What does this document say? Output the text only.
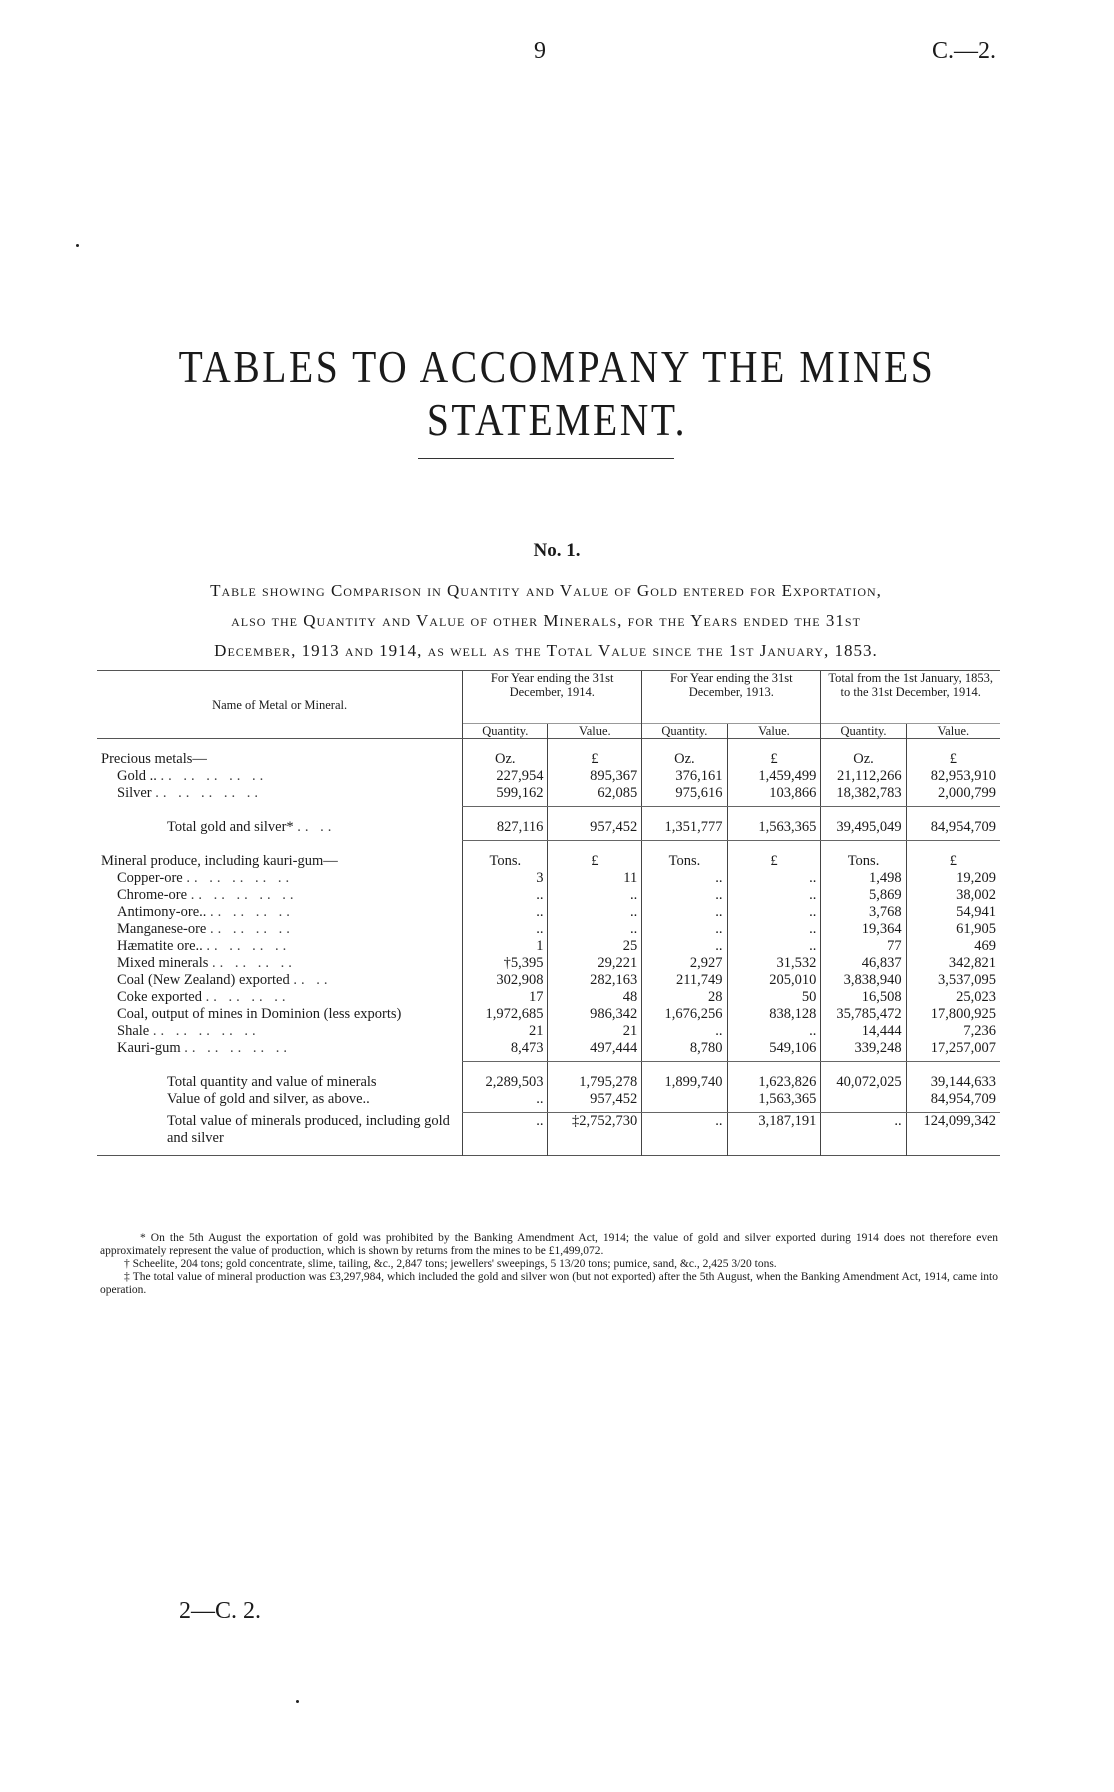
9	C.—2.
TABLES TO ACCOMPANY THE MINES STATEMENT.
No. 1.
Table showing Comparison in Quantity and Value of Gold entered for Exportation,
also the Quantity and Value of other Minerals, for the Years ended the 31st
December, 1913 and 1914, as well as the Total Value since the 1st January, 1853.
Name of Metal or Mineral.	For Year ending the 31st December, 1914.		For Year ending the 31st December, 1913.		Total from the 1st January, 1853, to the 31st December, 1914.	
	Quantity.	Value.	Quantity.	Value.	Quantity.	Value.

Precious metals—	Oz.	£	Oz.	£	Oz.	£
Gold .. .. .. .. .. ..	227,954	895,367	376,161	1,459,499	21,112,266	82,953,910
Silver .. .. .. .. ..	599,162	62,085	975,616	103,866	18,382,783	2,000,799

Total gold and silver* .. ..	827,116	957,452	1,351,777	1,563,365	39,495,049	84,954,709

Mineral produce, including kauri-gum—	Tons.	£	Tons.	£	Tons.	£
Copper-ore .. .. .. .. ..	3	11	..	..	1,498	19,209
Chrome-ore .. .. .. .. ..	..	..	..	..	5,869	38,002
Antimony-ore.. .. .. .. ..	..	..	..	..	3,768	54,941
Manganese-ore .. .. .. ..	..	..	..	..	19,364	61,905
Hæmatite ore.. .. .. .. ..	1	25	..	..	77	469
Mixed minerals .. .. .. ..	†5,395	29,221	2,927	31,532	46,837	342,821
Coal (New Zealand) exported .. ..	302,908	282,163	211,749	205,010	3,838,940	3,537,095
Coke exported .. .. .. ..	17	48	28	50	16,508	25,023
Coal, output of mines in Dominion (less exports)	1,972,685	986,342	1,676,256	838,128	35,785,472	17,800,925
Shale .. .. .. .. ..	21	21	..	..	14,444	7,236
Kauri-gum .. .. .. .. ..	8,473	497,444	8,780	549,106	339,248	17,257,007

Total quantity and value of minerals	2,289,503	1,795,278	1,899,740	1,623,826	40,072,025	39,144,633
Value of gold and silver, as above..	..	957,452		1,563,365		84,954,709
Total value of minerals produced, including gold and silver	..	‡2,752,730	..	3,187,191	..	124,099,342

* On the 5th August the exportation of gold was prohibited by the Banking Amendment Act, 1914; the value of gold and silver exported during 1914 does not therefore even approximately represent the value of production, which is shown by returns from the mines to be £1,499,072.

† Scheelite, 204 tons; gold concentrate, slime, tailing, &c., 2,847 tons; jewellers' sweepings, 5 13/20 tons; pumice, sand, &c., 2,425 3/20 tons.

‡ The total value of mineral production was £3,297,984, which included the gold and silver won (but not exported) after the 5th August, when the Banking Amendment Act, 1914, came into operation.

2—C. 2.
